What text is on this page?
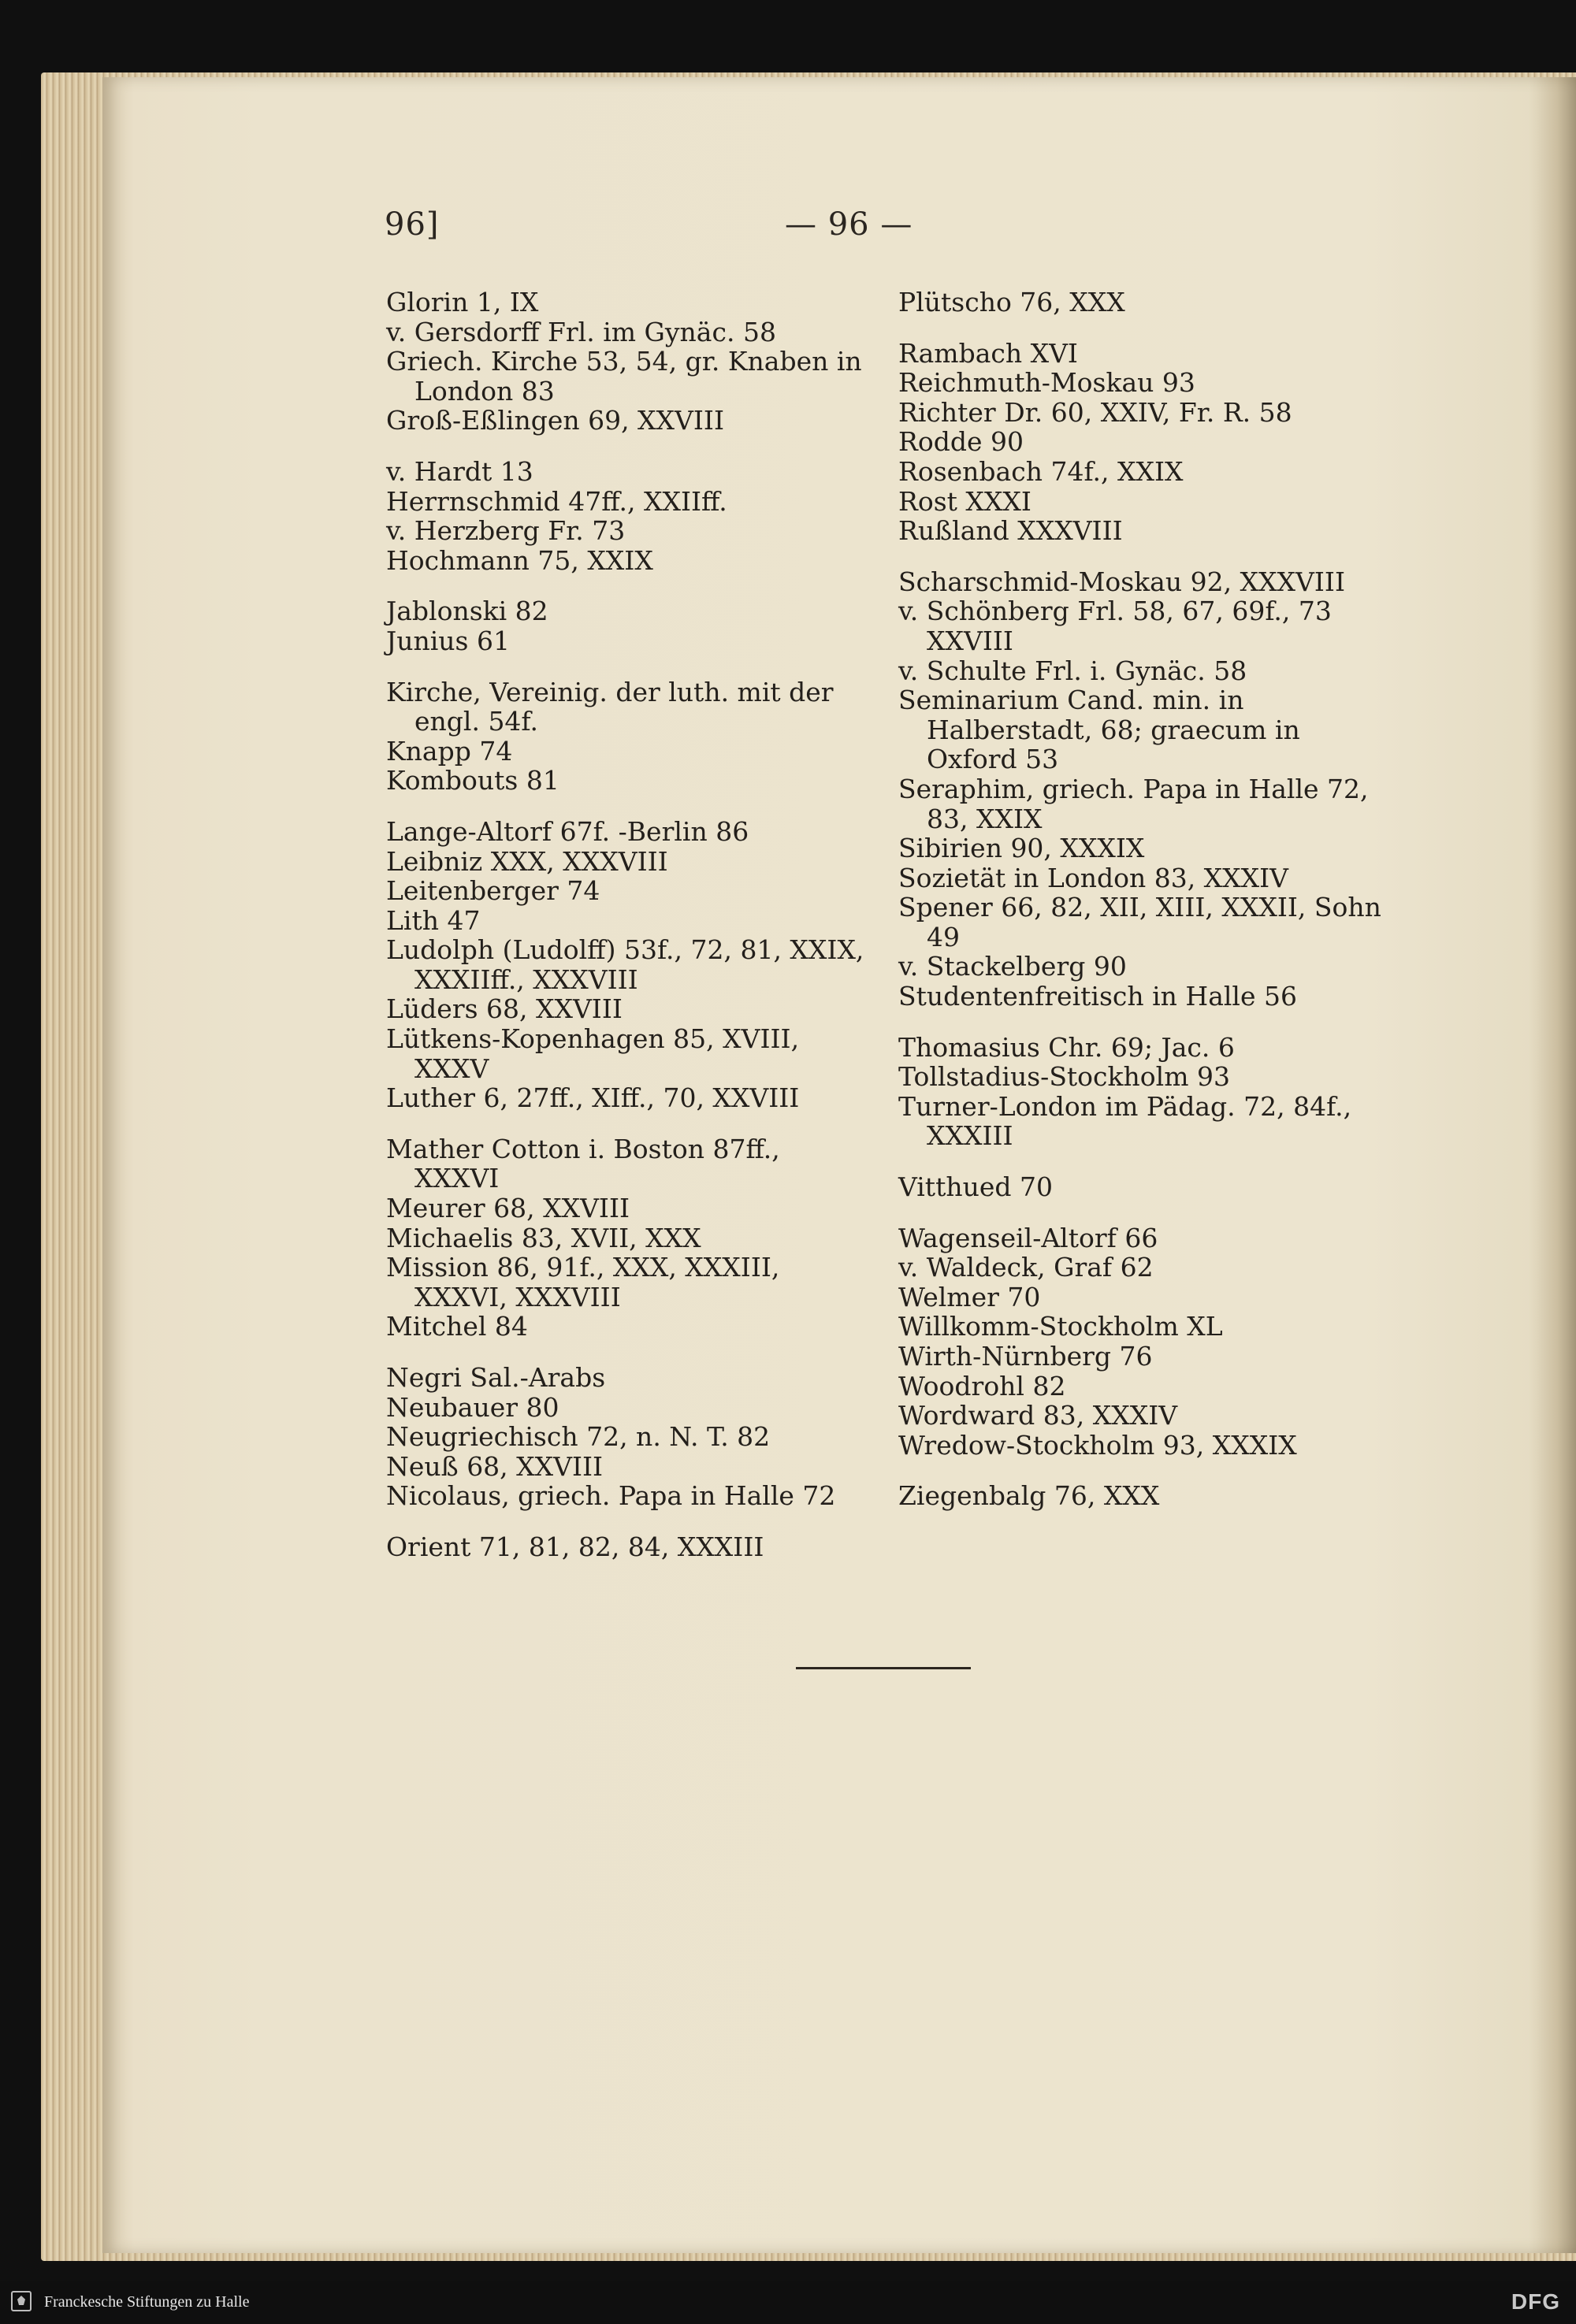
96]	— 96 —
Glorin 1, IX
v. Gersdorff Frl. im Gynäc. 58
Griech. Kirche 53, 54, gr. Knaben in London 83
Groß-Eßlingen 69, XXVIII
v. Hardt 13
Herrnschmid 47ff., XXIIff.
v. Herzberg Fr. 73
Hochmann 75, XXIX
Jablonski 82
Junius 61
Kirche, Vereinig. der luth. mit der engl. 54f.
Knapp 74
Kombouts 81
Lange-Altorf 67f. -Berlin 86
Leibniz XXX, XXXVIII
Leitenberger 74
Lith 47
Ludolph (Ludolff) 53f., 72, 81, XXIX, XXXIIff., XXXVIII
Lüders 68, XXVIII
Lütkens-Kopenhagen 85, XVIII, XXXV
Luther 6, 27ff., XIff., 70, XXVIII
Mather Cotton i. Boston 87ff., XXXVI
Meurer 68, XXVIII
Michaelis 83, XVII, XXX
Mission 86, 91f., XXX, XXXIII, XXXVI, XXXVIII
Mitchel 84
Negri Sal.-Arabs
Neubauer 80
Neugriechisch 72, n. N. T. 82
Neuß 68, XXVIII
Nicolaus, griech. Papa in Halle 72
Orient 71, 81, 82, 84, XXXIII
Plütscho 76, XXX
Rambach XVI
Reichmuth-Moskau 93
Richter Dr. 60, XXIV, Fr. R. 58
Rodde 90
Rosenbach 74f., XXIX
Rost XXXI
Rußland XXXVIII
Scharschmid-Moskau 92, XXXVIII
v. Schönberg Frl. 58, 67, 69f., 73 XXVIII
v. Schulte Frl. i. Gynäc. 58
Seminarium Cand. min. in Halberstadt, 68; graecum in Oxford 53
Seraphim, griech. Papa in Halle 72, 83, XXIX
Sibirien 90, XXXIX
Sozietät in London 83, XXXIV
Spener 66, 82, XII, XIII, XXXII, Sohn 49
v. Stackelberg 90
Studentenfreitisch in Halle 56
Thomasius Chr. 69; Jac. 6
Tollstadius-Stockholm 93
Turner-London im Pädag. 72, 84f., XXXIII
Vitthued 70
Wagenseil-Altorf 66
v. Waldeck, Graf 62
Welmer 70
Willkomm-Stockholm XL
Wirth-Nürnberg 76
Woodrohl 82
Wordward 83, XXXIV
Wredow-Stockholm 93, XXXIX
Ziegenbalg 76, XXX
Franckesche Stiftungen zu Halle	DFG
